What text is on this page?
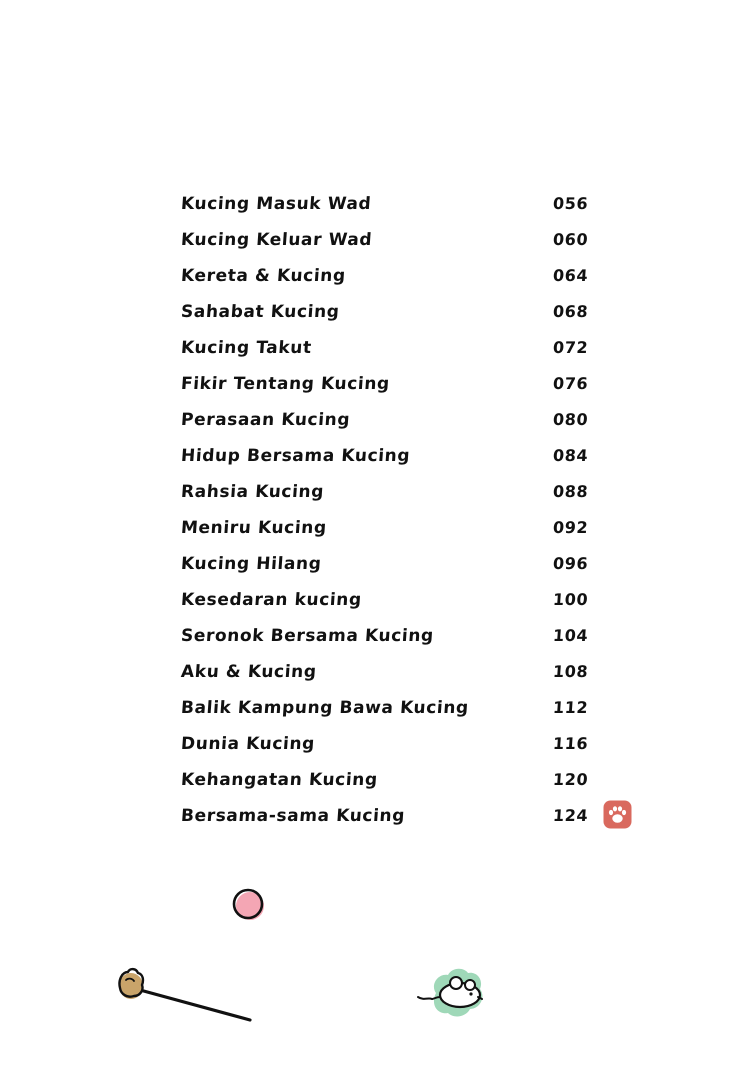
Kucing Masuk Wad	056
Kucing Keluar Wad	060
Kereta & Kucing	064
Sahabat Kucing	068
Kucing Takut	072
Fikir Tentang Kucing	076
Perasaan Kucing	080
Hidup Bersama Kucing	084
Rahsia Kucing	088
Meniru Kucing	092
Kucing Hilang	096
Kesedaran kucing	100
Seronok Bersama Kucing	104
Aku & Kucing	108
Balik Kampung Bawa Kucing	112
Dunia Kucing	116
Kehangatan Kucing	120
Bersama-sama Kucing	124
